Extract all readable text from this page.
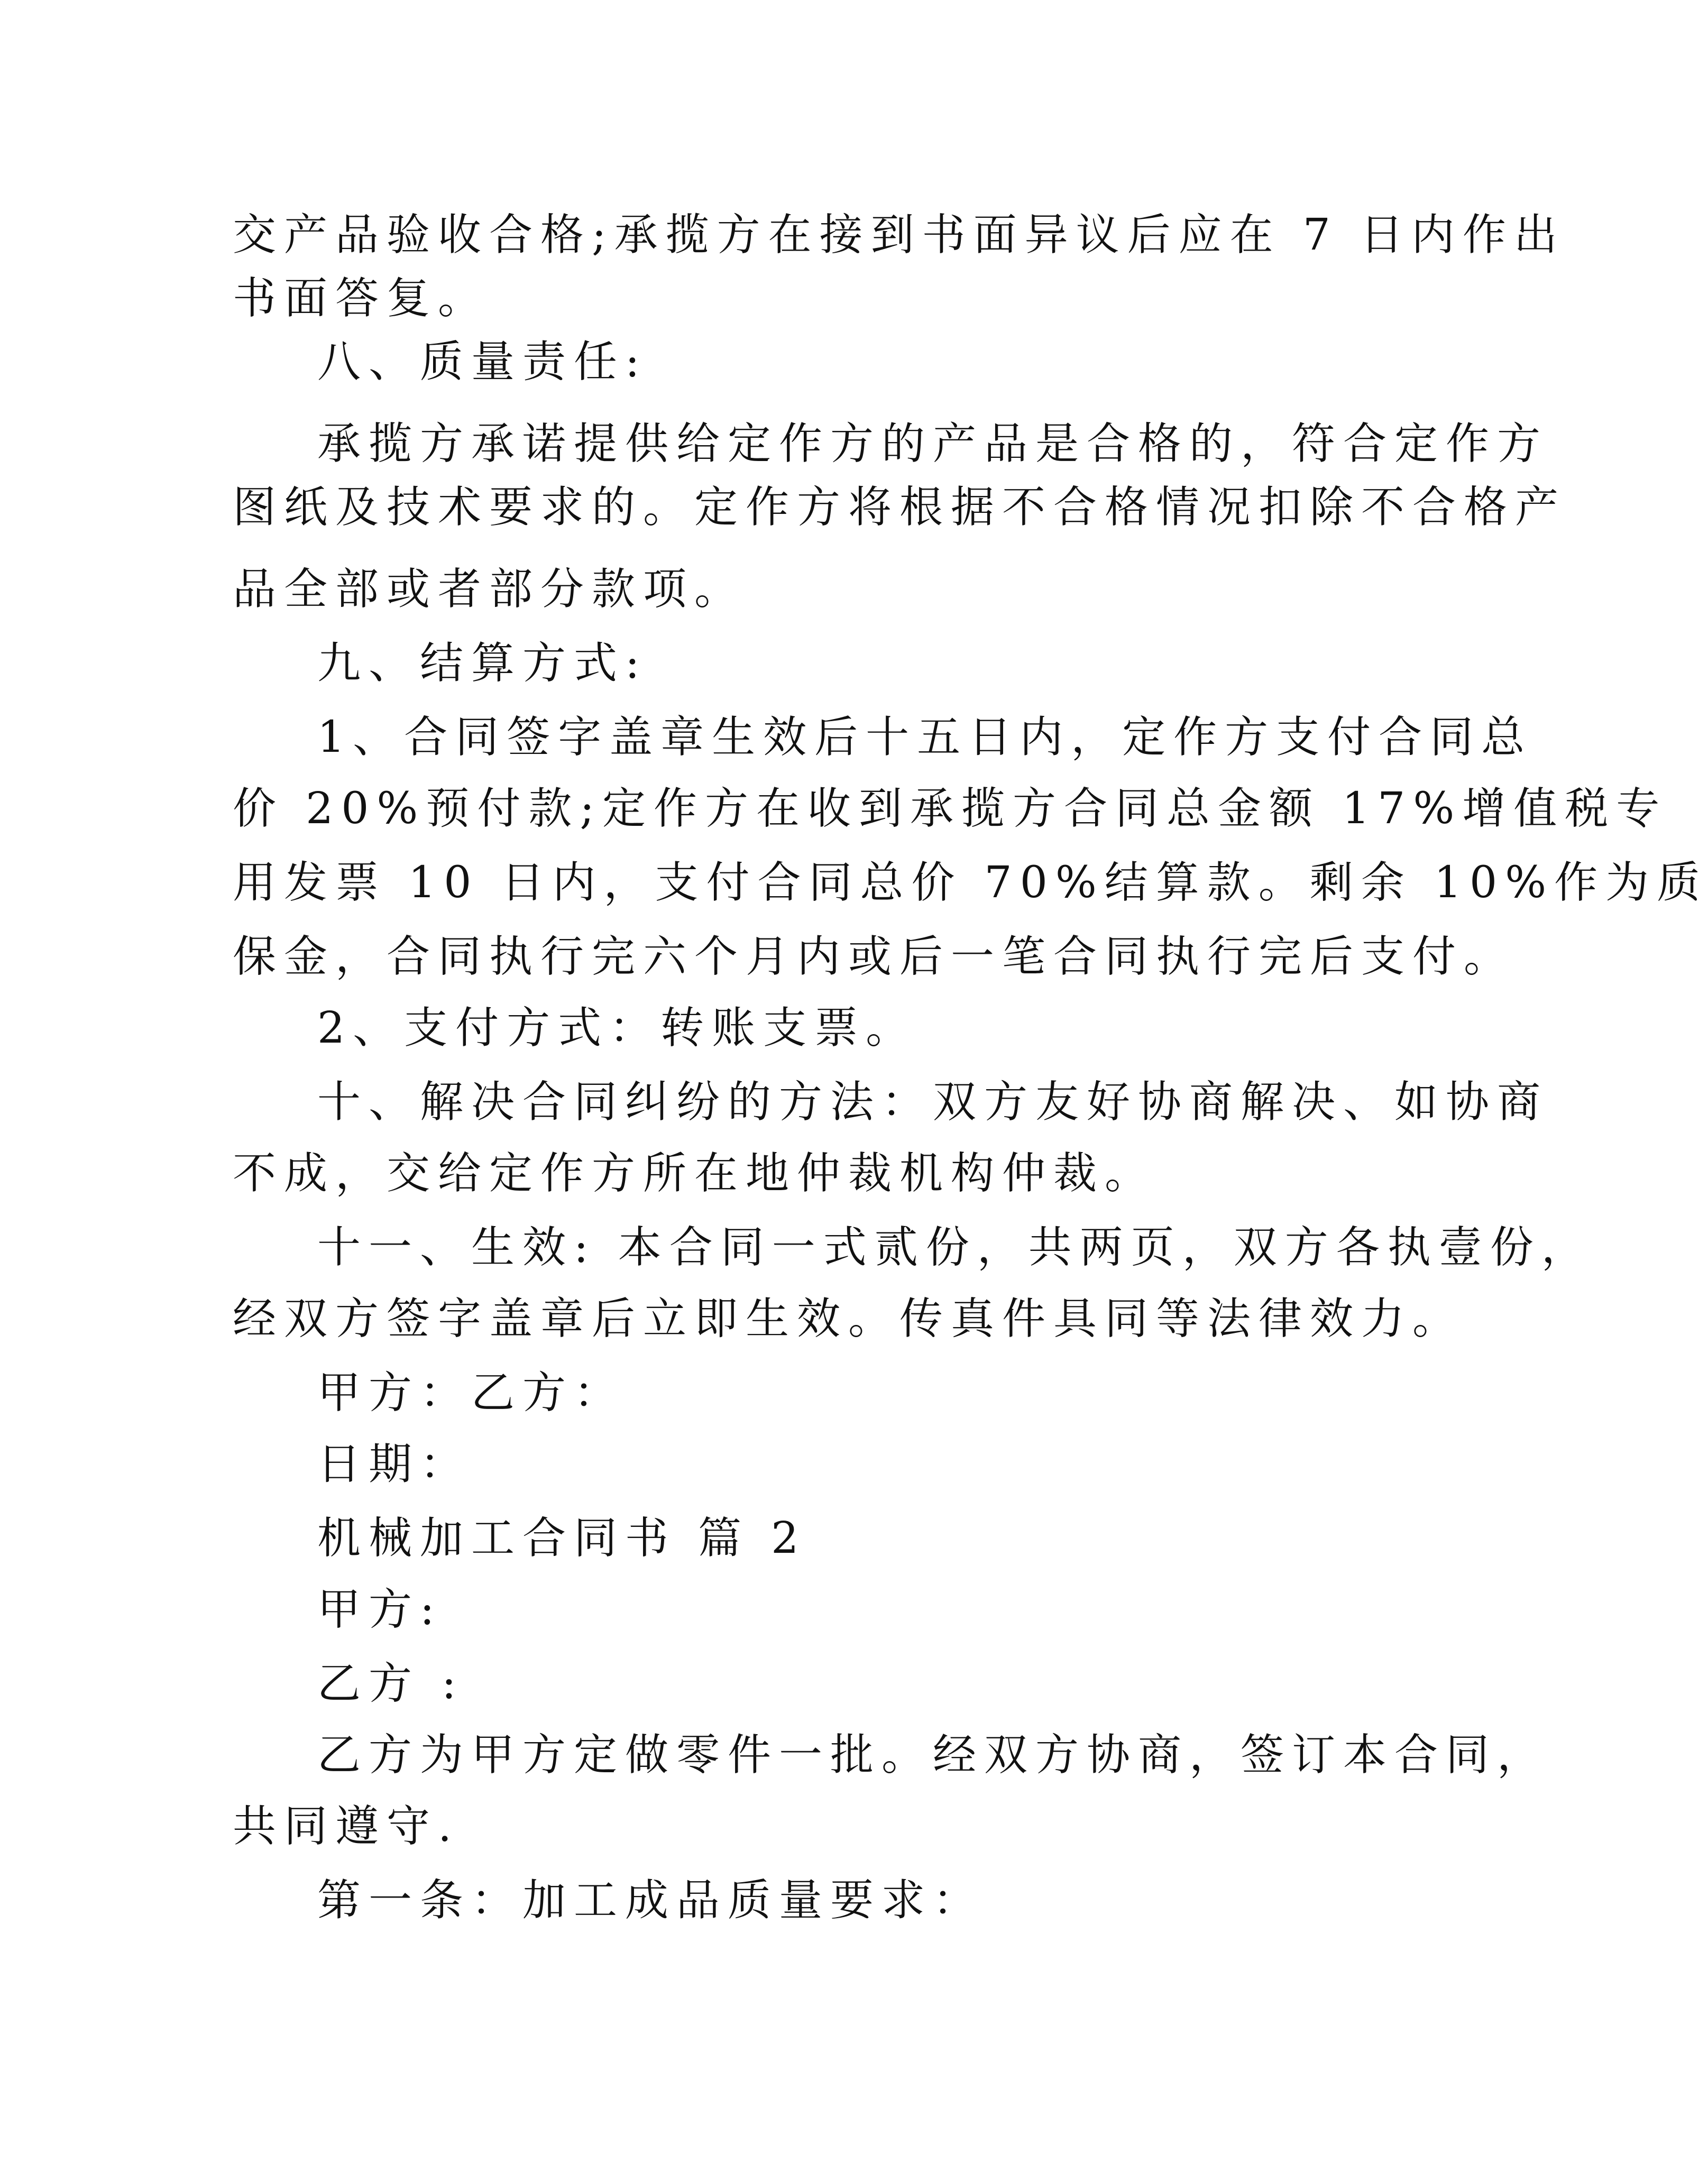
交产品验收合格;承揽方在接到书面异议后应在 7 日内作出

书面答复。

八、质量责任:

承揽方承诺提供给定作方的产品是合格的，符合定作方

图纸及技术要求的。定作方将根据不合格情况扣除不合格产

品全部或者部分款项。

九、结算方式:

1、合同签字盖章生效后十五日内，定作方支付合同总

价 20%预付款;定作方在收到承揽方合同总金额 17%增值税专

用发票 10 日内，支付合同总价 70%结算款。剩余 10%作为质

保金，合同执行完六个月内或后一笔合同执行完后支付。

2、支付方式：转账支票。

十、解决合同纠纷的方法：双方友好协商解决、如协商

不成，交给定作方所在地仲裁机构仲裁。

十一、生效: 本合同一式贰份，共两页，双方各执壹份，

经双方签字盖章后立即生效。传真件具同等法律效力。

甲方：乙方：

日期：

机械加工合同书 篇 2

甲方:

乙方 :

乙方为甲方定做零件一批。经双方协商，签订本合同，

共同遵守.

第一条：加工成品质量要求：
